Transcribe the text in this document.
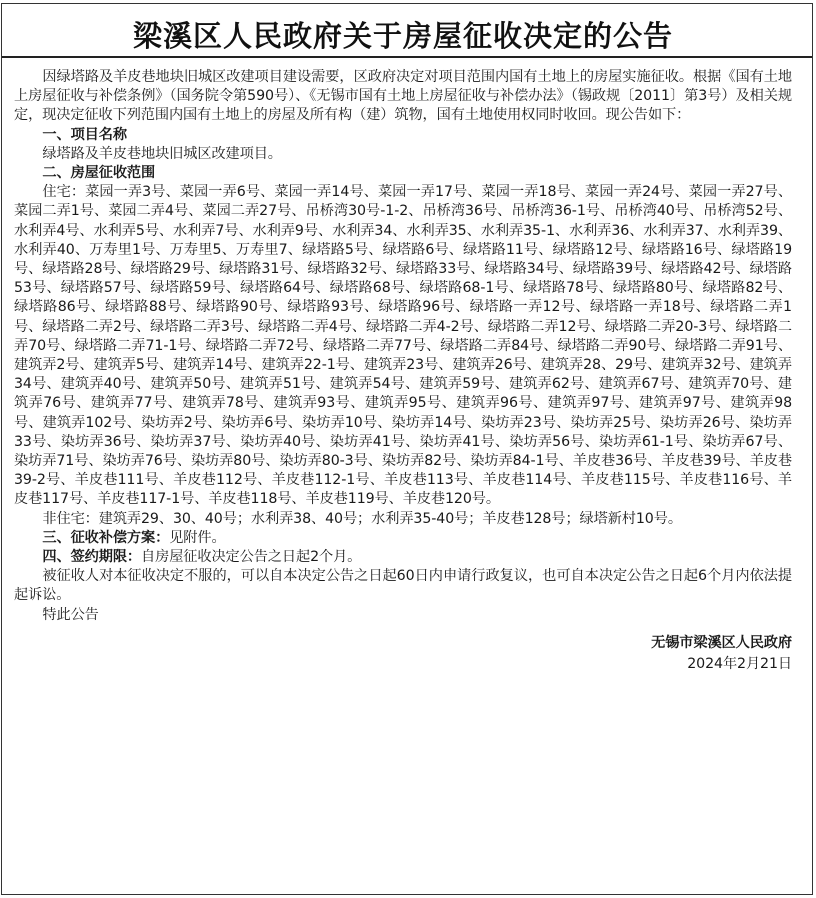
梁溪区人民政府关于房屋征收决定的公告

因绿塔路及羊皮巷地块旧城区改建项目建设需要，区政府决定对项目范围内国有土地上的房屋实施征收。根据《国有土地上房屋征收与补偿条例》（国务院令第590号）、《无锡市国有土地上房屋征收与补偿办法》（锡政规〔2011〕第3号）及相关规定，现决定征收下列范围内国有土地上的房屋及所有构（建）筑物，国有土地使用权同时收回。现公告如下：

一、项目名称

绿塔路及羊皮巷地块旧城区改建项目。

二、房屋征收范围

住宅：菜园一弄3号、菜园一弄6号、菜园一弄14号、菜园一弄17号、菜园一弄18号、菜园一弄24号、菜园一弄27号、菜园二弄1号、菜园二弄4号、菜园二弄27号、吊桥湾30号-1-2、吊桥湾36号、吊桥湾36-1号、吊桥湾40号、吊桥湾52号、水利弄4号、水利弄5号、水利弄7号、水利弄9号、水利弄34、水利弄35、水利弄35-1、水利弄36、水利弄37、水利弄39、水利弄40、万寿里1号、万寿里5、万寿里7、绿塔路5号、绿塔路6号、绿塔路11号、绿塔路12号、绿塔路16号、绿塔路19号、绿塔路28号、绿塔路29号、绿塔路31号、绿塔路32号、绿塔路33号、绿塔路34号、绿塔路39号、绿塔路42号、绿塔路53号、绿塔路57号、绿塔路59号、绿塔路64号、绿塔路68号、绿塔路68-1号、绿塔路78号、绿塔路80号、绿塔路82号、绿塔路86号、绿塔路88号、绿塔路90号、绿塔路93号、绿塔路96号、绿塔路一弄12号、绿塔路一弄18号、绿塔路二弄1号、绿塔路二弄2号、绿塔路二弄3号、绿塔路二弄4号、绿塔路二弄4-2号、绿塔路二弄12号、绿塔路二弄20-3号、绿塔路二弄70号、绿塔路二弄71-1号、绿塔路二弄72号、绿塔路二弄77号、绿塔路二弄84号、绿塔路二弄90号、绿塔路二弄91号、建筑弄2号、建筑弄5号、建筑弄14号、建筑弄22-1号、建筑弄23号、建筑弄26号、建筑弄28、29号、建筑弄32号、建筑弄34号、建筑弄40号、建筑弄50号、建筑弄51号、建筑弄54号、建筑弄59号、建筑弄62号、建筑弄67号、建筑弄70号、建筑弄76号、建筑弄77号、建筑弄78号、建筑弄93号、建筑弄95号、建筑弄96号、建筑弄97号、建筑弄97号、建筑弄98号、建筑弄102号、染坊弄2号、染坊弄6号、染坊弄10号、染坊弄14号、染坊弄23号、染坊弄25号、染坊弄26号、染坊弄33号、染坊弄36号、染坊弄37号、染坊弄40号、染坊弄41号、染坊弄41号、染坊弄56号、染坊弄61-1号、染坊弄67号、染坊弄71号、染坊弄76号、染坊弄80号、染坊弄80-3号、染坊弄82号、染坊弄84-1号、羊皮巷36号、羊皮巷39号、羊皮巷39-2号、羊皮巷111号、羊皮巷112号、羊皮巷112-1号、羊皮巷113号、羊皮巷114号、羊皮巷115号、羊皮巷116号、羊皮巷117号、羊皮巷117-1号、羊皮巷118号、羊皮巷119号、羊皮巷120号。

非住宅：建筑弄29、30、40号；水利弄38、40号；水利弄35-40号；羊皮巷128号；绿塔新村10号。

三、征收补偿方案：见附件。

四、签约期限：自房屋征收决定公告之日起2个月。

被征收人对本征收决定不服的，可以自本决定公告之日起60日内申请行政复议，也可自本决定公告之日起6个月内依法提起诉讼。

特此公告

无锡市梁溪区人民政府
2024年2月21日
